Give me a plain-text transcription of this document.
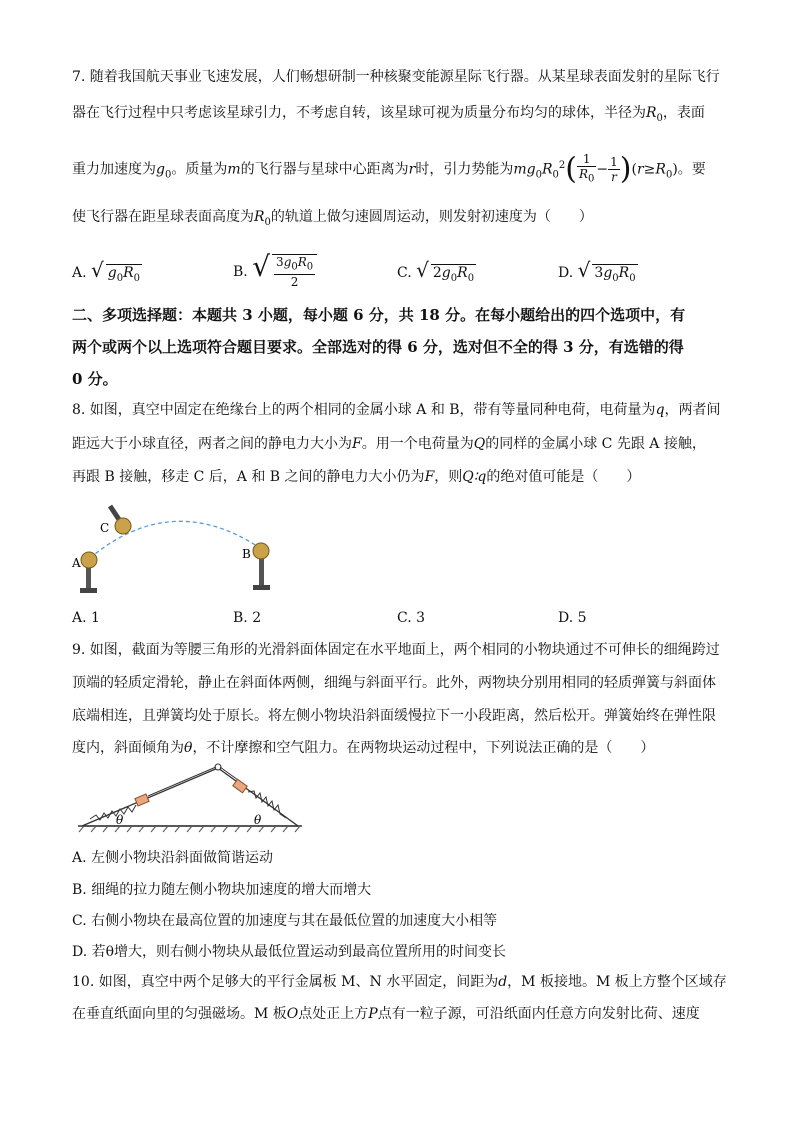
7. 随着我国航天事业飞速发展，人们畅想研制一种核聚变能源星际飞行器。从某星球表面发射的星际飞行
器在飞行过程中只考虑该星球引力，不考虑自转，该星球可视为质量分布均匀的球体，半径为$R_0$，表面
重力加速度为$g_0$。质量为m的飞行器与星球中心距离为r时，引力势能为$mg_0R_0^2( \frac{1}{R_0} - \frac{1}{r} )(r\ge R_0)$。要
使飞行器在距星球表面高度为$R_0$的轨道上做匀速圆周运动，则发射初速度为（　　）
A. √ $g_0R_0$	B. √ $\frac{3g_0R_0}{2}$	C. √ $2g_0R_0$	D. √ $3g_0R_0$
二、多项选择题：本题共 3 小题，每小题 6 分，共 18 分。在每小题给出的四个选项中，有
两个或两个以上选项符合题目要求。全部选对的得 6 分，选对但不全的得 3 分，有选错的得
0 分。
8. 如图，真空中固定在绝缘台上的两个相同的金属小球 A 和 B，带有等量同种电荷，电荷量为q，两者间
距远大于小球直径，两者之间的静电力大小为F。用一个电荷量为Q的同样的金属小球 C 先跟 A 接触，
再跟 B 接触，移走 C 后，A 和 B 之间的静电力大小仍为F，则Q∶q的绝对值可能是（　　）
A
B
C
A. 1	B. 2	C. 3	D. 5
9. 如图，截面为等腰三角形的光滑斜面体固定在水平地面上，两个相同的小物块通过不可伸长的细绳跨过
顶端的轻质定滑轮，静止在斜面体两侧，细绳与斜面平行。此外，两物块分别用相同的轻质弹簧与斜面体
底端相连，且弹簧均处于原长。将左侧小物块沿斜面缓慢拉下一小段距离，然后松开。弹簧始终在弹性限
度内，斜面倾角为θ，不计摩擦和空气阻力。在两物块运动过程中，下列说法正确的是（　　）
θ	θ
A. 左侧小物块沿斜面做简谐运动
B. 细绳的拉力随左侧小物块加速度的增大而增大
C. 右侧小物块在最高位置的加速度与其在最低位置的加速度大小相等
D. 若θ增大，则右侧小物块从最低位置运动到最高位置所用的时间变长
10. 如图，真空中两个足够大的平行金属板 M、N 水平固定，间距为d，M 板接地。M 板上方整个区域存
在垂直纸面向里的匀强磁场。M 板O点处正上方P点有一粒子源，可沿纸面内任意方向发射比荷、速度
